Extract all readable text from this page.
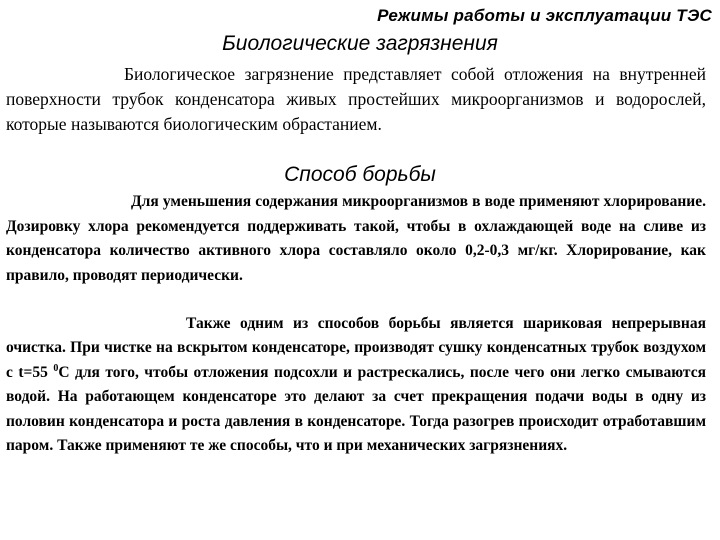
Режимы работы и эксплуатации ТЭС
Биологические загрязнения
Биологическое загрязнение представляет собой отложения на внутренней поверхности трубок конденсатора живых простейших микроорганизмов и водорослей, которые называются биологическим обрастанием.
Способ борьбы
Для уменьшения содержания микроорганизмов в воде применяют хлорирование. Дозировку хлора рекомендуется поддерживать такой, чтобы в охлаждающей воде на сливе из конденсатора количество активного хлора составляло около 0,2-0,3 мг/кг. Хлорирование, как правило, проводят периодически.
Также одним из способов борьбы является шариковая непрерывная очистка. При чистке на вскрытом конденсаторе, производят сушку конденсатных трубок воздухом с t=55 $^0$С для того, чтобы отложения подсохли и растрескались, после чего они легко смываются водой. На работающем конденсаторе это делают за счет прекращения подачи воды в одну из половин конденсатора и роста давления в конденсаторе. Тогда разогрев происходит отработавшим паром. Также применяют те же способы, что и при механических загрязнениях.
